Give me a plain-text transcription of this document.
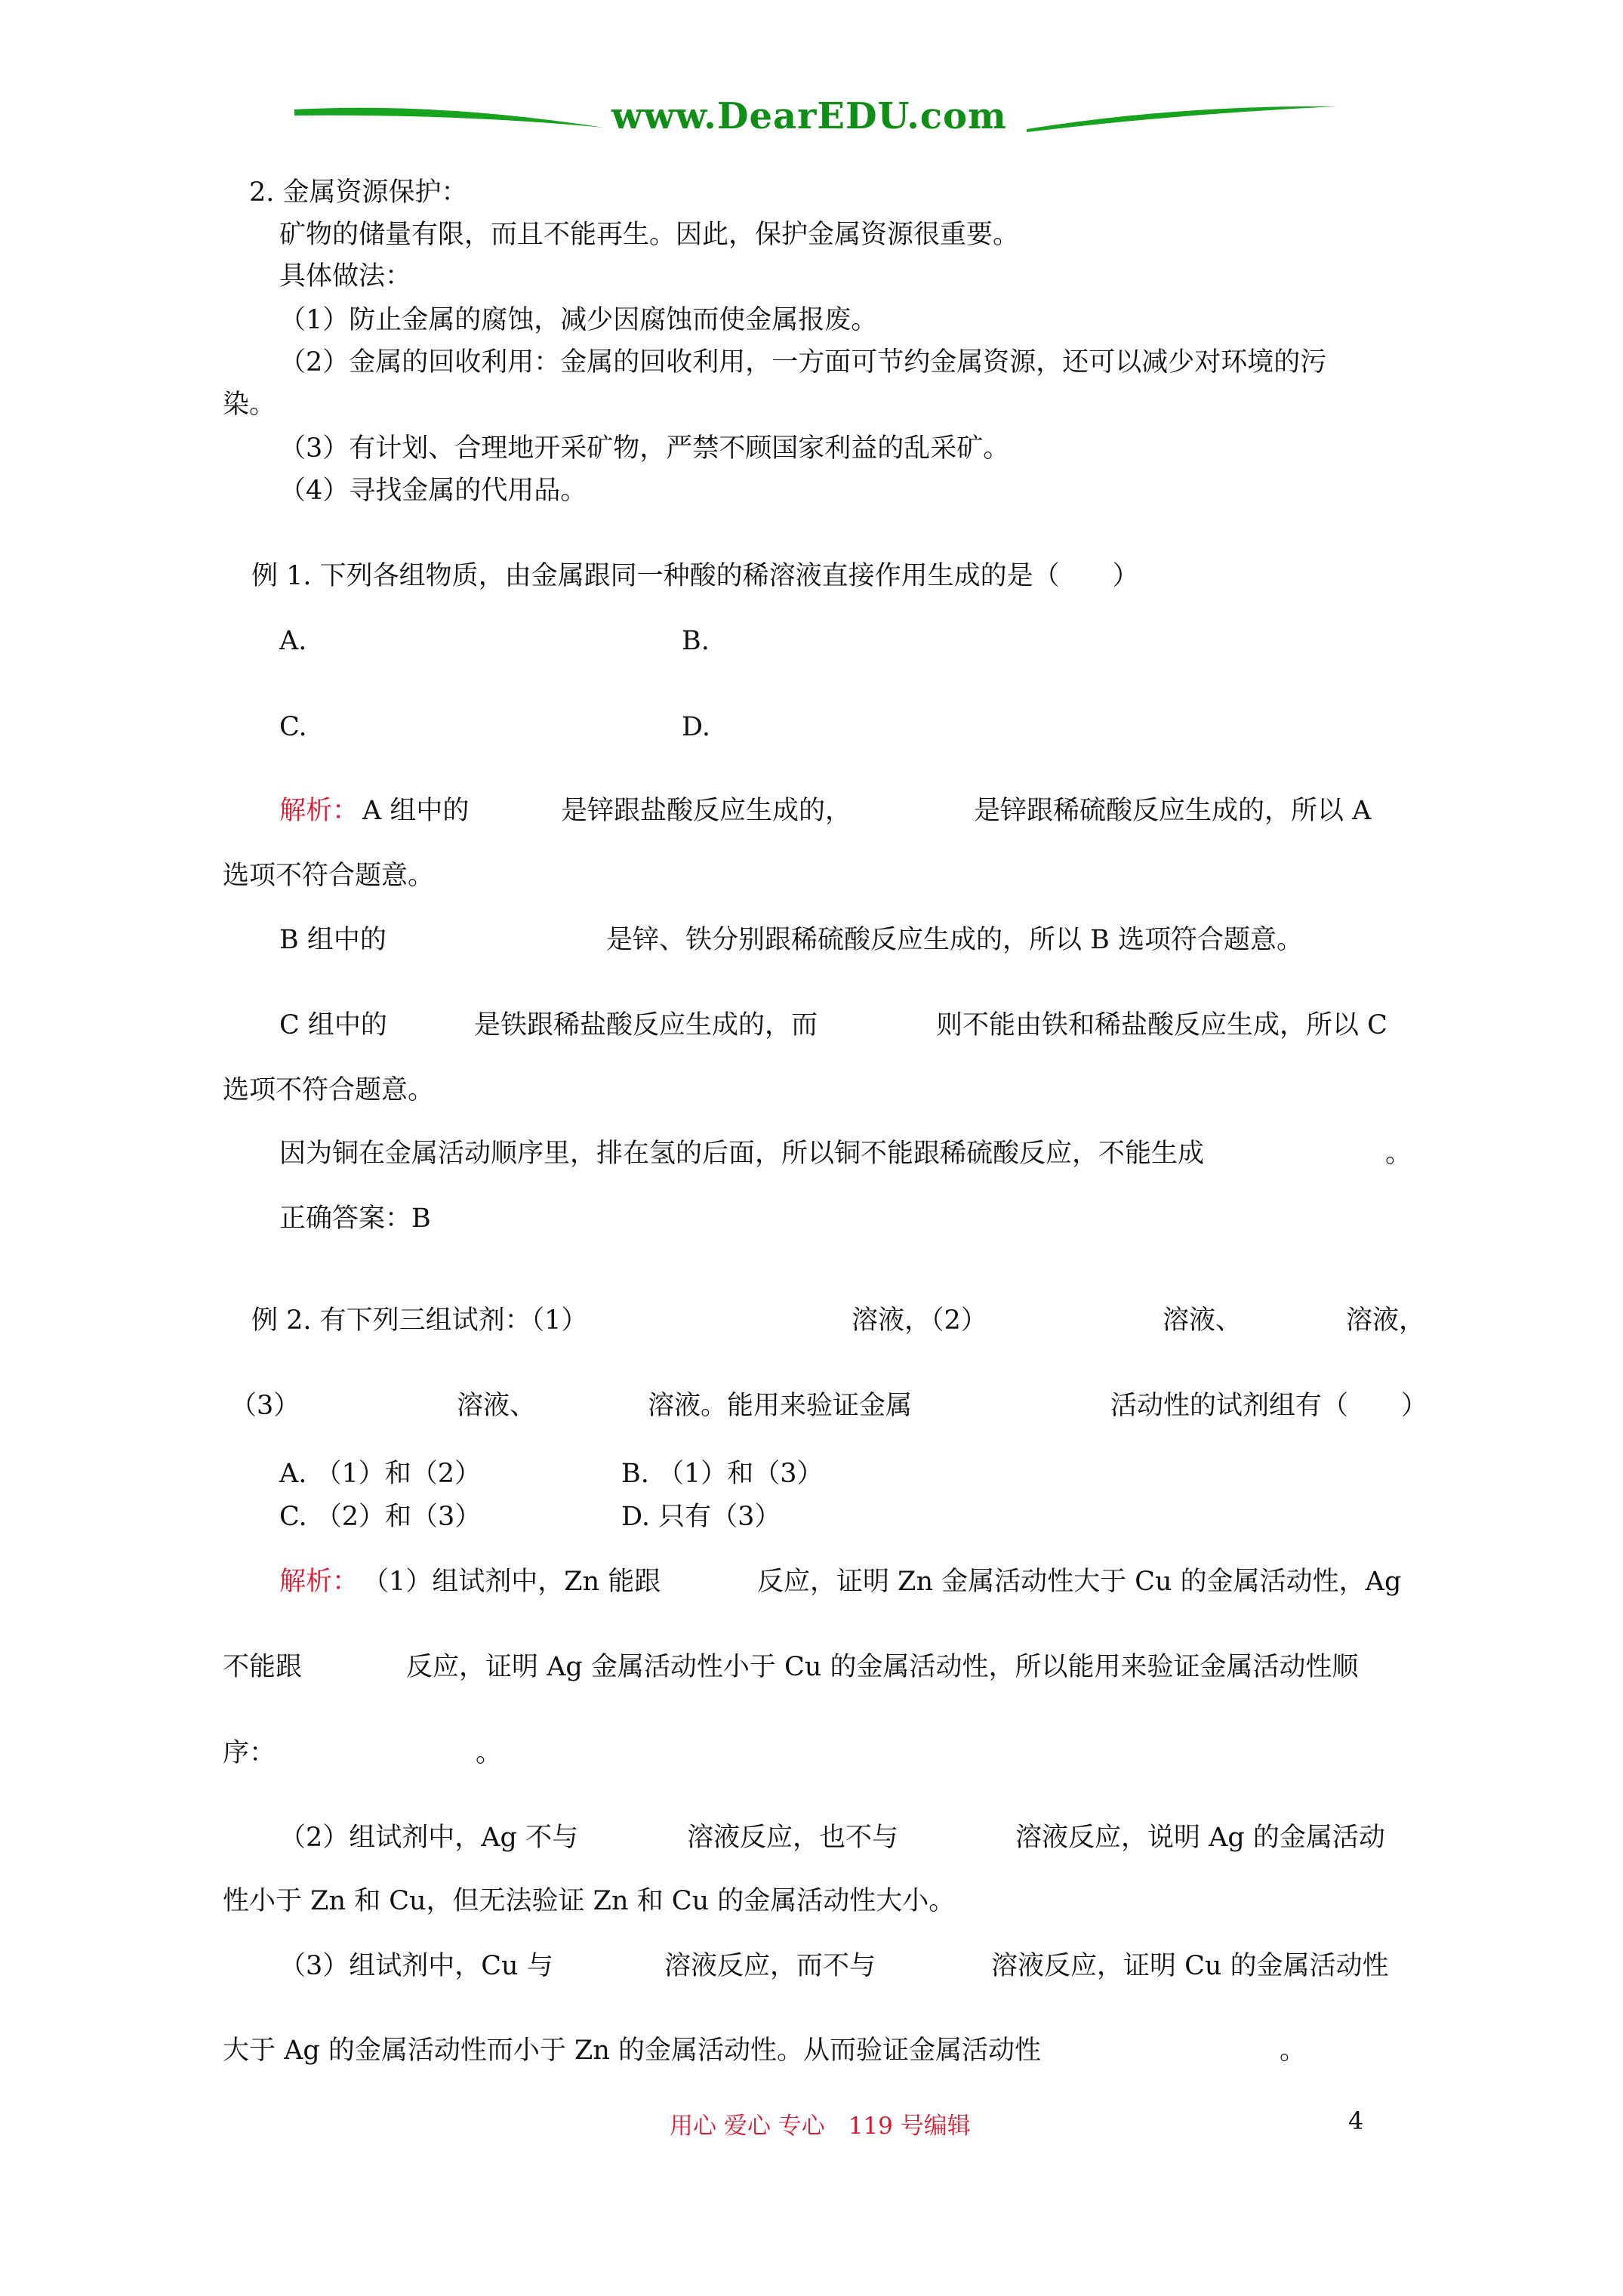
www.DearEDU.com
2. 金属资源保护：
矿物的储量有限，而且不能再生。因此，保护金属资源很重要。
具体做法：
（1）防止金属的腐蚀，减少因腐蚀而使金属报废。
（2）金属的回收利用：金属的回收利用，一方面可节约金属资源，还可以减少对环境的污
染。
（3）有计划、合理地开采矿物，严禁不顾国家利益的乱采矿。
（4）寻找金属的代用品。
例 1. 下列各组物质，由金属跟同一种酸的稀溶液直接作用生成的是（　　）
A.	B.
C.	D.
解析： A 组中的	是锌跟盐酸反应生成的，	是锌跟稀硫酸反应生成的，所以 A
选项不符合题意。
B 组中的	是锌、铁分别跟稀硫酸反应生成的，所以 B 选项符合题意。
C 组中的	是铁跟稀盐酸反应生成的，而	则不能由铁和稀盐酸反应生成，所以 C
选项不符合题意。
因为铜在金属活动顺序里，排在氢的后面，所以铜不能跟稀硫酸反应，不能生成	。
正确答案：B
例 2. 有下列三组试剂：（1）	溶液，（2）	溶液、	溶液，
（3）	溶液、	溶液。能用来验证金属	活动性的试剂组有（　　）
A. （1）和（2）	B. （1）和（3）
C. （2）和（3）	D. 只有（3）
解析： （1）组试剂中，Zn 能跟	反应，证明 Zn 金属活动性大于 Cu 的金属活动性，Ag
不能跟	反应，证明 Ag 金属活动性小于 Cu 的金属活动性，所以能用来验证金属活动性顺
序：	。
（2）组试剂中，Ag 不与	溶液反应，也不与	溶液反应，说明 Ag 的金属活动
性小于 Zn 和 Cu，但无法验证 Zn 和 Cu 的金属活动性大小。
（3）组试剂中，Cu 与	溶液反应，而不与	溶液反应，证明 Cu 的金属活动性
大于 Ag 的金属活动性而小于 Zn 的金属活动性。从而验证金属活动性	。
用心 爱心 专心　119 号编辑	4
